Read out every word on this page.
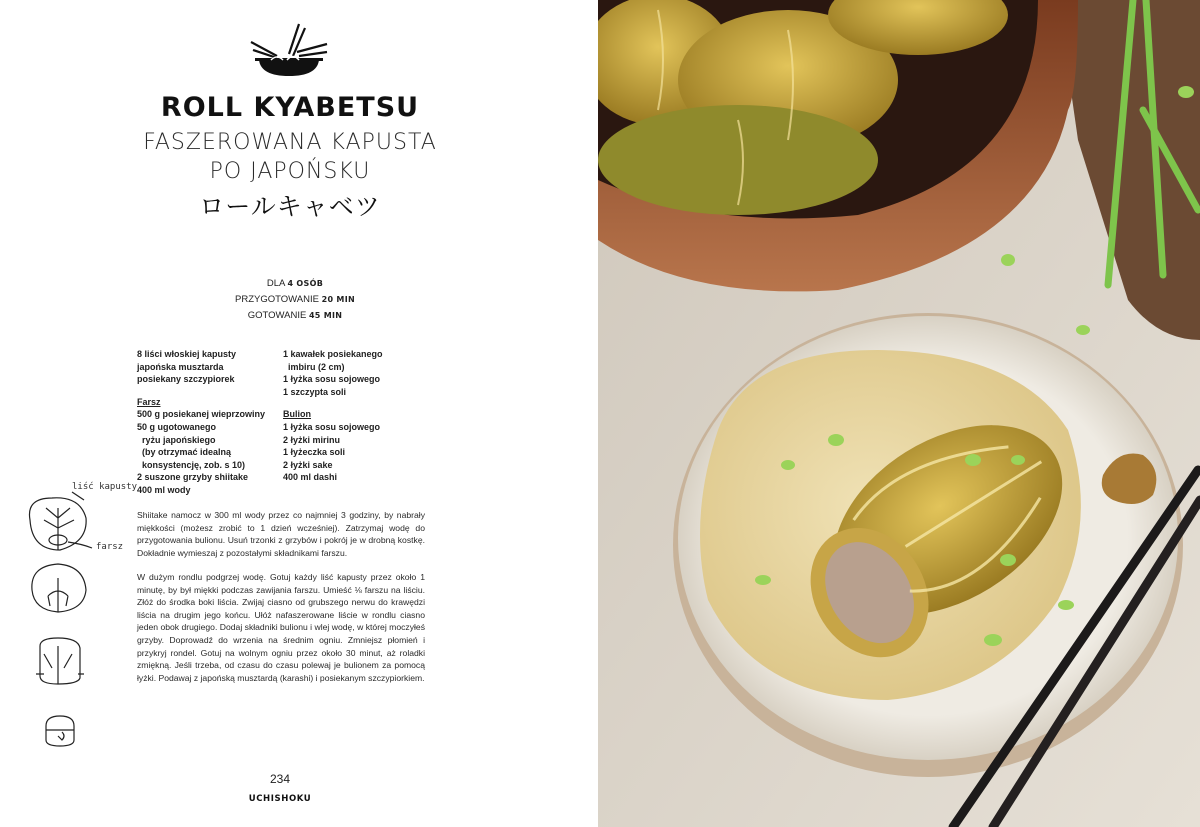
ROLL KYABETSU
FASZEROWANA KAPUSTA
PO JAPOŃSKU
ロールキャベツ
DLA 4 OSÓB
PRZYGOTOWANIE 20 MIN
GOTOWANIE 45 MIN
8 liści włoskiej kapusty
japońska musztarda
posiekany szczypiorek
Farsz
500 g posiekanej wieprzowiny
50 g ugotowanego
ryżu japońskiego
(by otrzymać idealną
konsystencję, zob. s 10)
2 suszone grzyby shiitake
400 ml wody
1 kawałek posiekanego
imbiru (2 cm)
1 łyżka sosu sojowego
1 szczypta soli
Bulion
1 łyżka sosu sojowego
2 łyżki mirinu
1 łyżeczka soli
2 łyżki sake
400 ml dashi
Shiitake namocz w 300 ml wody przez co najmniej 3 godziny, by nabrały miękkości (możesz zrobić to 1 dzień wcześniej). Zatrzymaj wodę do przygotowania bulionu. Usuń trzonki z grzybów i pokrój je w drobną kostkę. Dokładnie wymieszaj z pozostałymi składnikami farszu.
W dużym rondlu podgrzej wodę. Gotuj każdy liść kapusty przez około 1 minutę, by był miękki podczas zawijania farszu. Umieść ⅛ farszu na liściu. Złóż do środka boki liścia. Zwijaj ciasno od grubszego nerwu do krawędzi liścia na drugim jego końcu. Ułóż nafaszerowane liście w rondlu ciasno jeden obok drugiego. Dodaj składniki bulionu i wlej wodę, w której moczyłeś grzyby. Doprowadź do wrzenia na średnim ogniu. Zmniejsz płomień i przykryj rondel. Gotuj na wolnym ogniu przez około 30 minut, aż roladki zmiękną. Jeśli trzeba, od czasu do czasu polewaj je bulionem za pomocą łyżki. Podawaj z japońską musztardą (karashi) i posiekanym szczypiorkiem.
liść kapusty
farsz
234
UCHISHOKU
